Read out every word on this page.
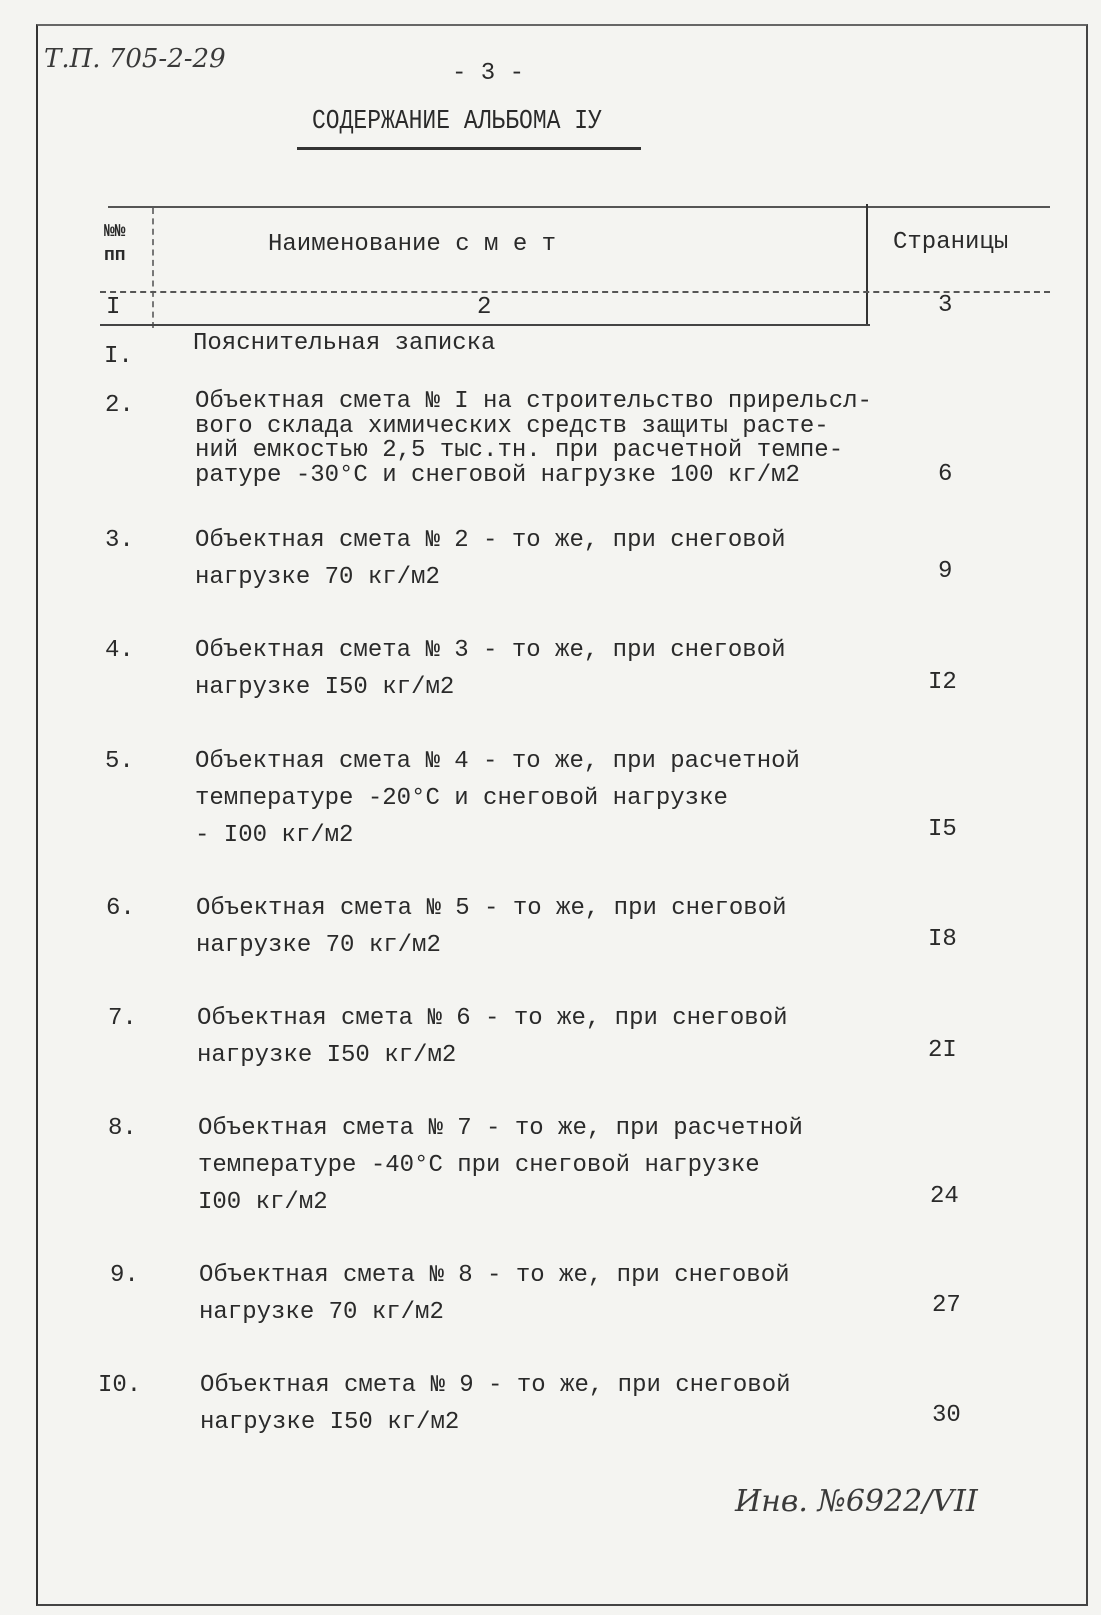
Т.П. 705-2-29	- 3 -
СОДЕРЖАНИЕ АЛЬБОМА IУ
№№
пп	Наименование с м е т	Страницы
I	2	3
I.	Пояснительная записка
2.	Объектная смета № I на строительство прирельсл-
вого склада химических средств защиты расте-
ний емкостью 2,5 тыс.тн. при расчетной темпе-
ратуре -30°С и снеговой нагрузке 100 кг/м2	6
3.	Объектная смета № 2 - то же, при снеговой
нагрузке 70 кг/м2	9
4.	Объектная смета № 3 - то же, при снеговой
нагрузке I50 кг/м2	I2
5.	Объектная смета № 4 - то же, при расчетной
температуре -20°С и снеговой нагрузке
- I00 кг/м2	I5
6.	Объектная смета № 5 - то же, при снеговой
нагрузке 70 кг/м2	I8
7.	Объектная смета № 6 - то же, при снеговой
нагрузке I50 кг/м2	2I
8.	Объектная смета № 7 - то же, при расчетной
температуре -40°С при снеговой нагрузке
I00 кг/м2	24
9.	Объектная смета № 8 - то же, при снеговой
нагрузке 70 кг/м2	27
I0. Объектная смета № 9 - то же, при снеговой
нагрузке I50 кг/м2	30
Инв. №6922/VII
